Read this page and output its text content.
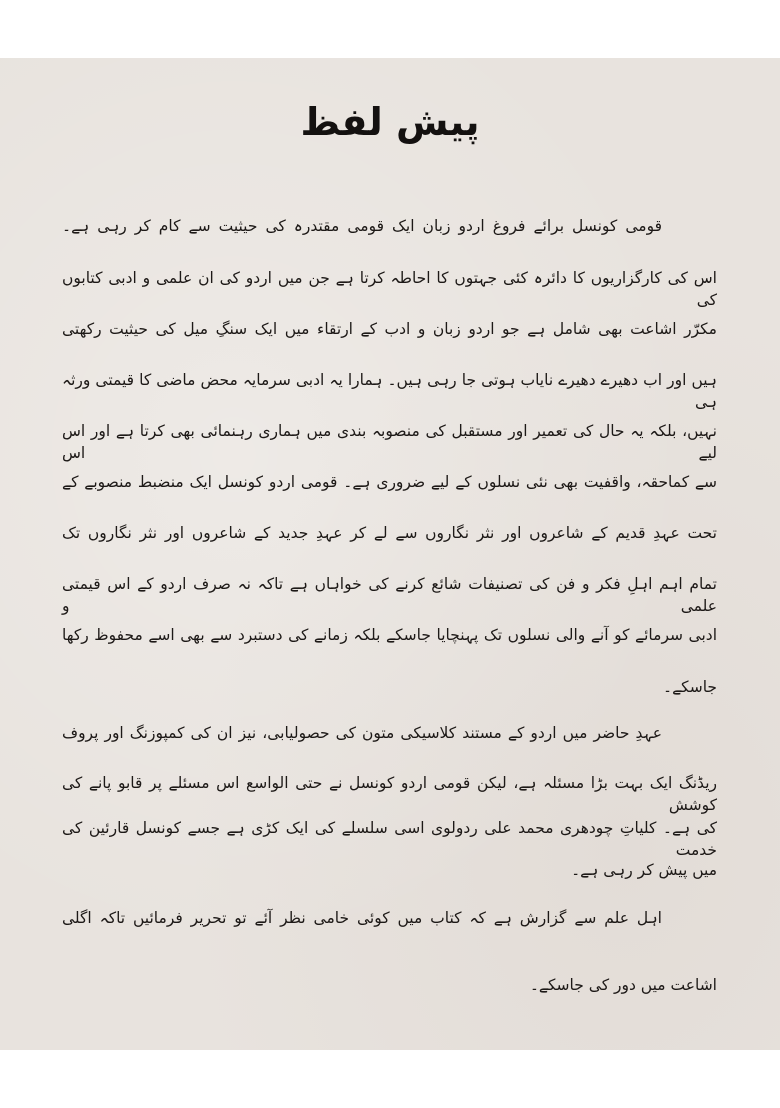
پیش لفظ
قومی کونسل برائے فروغ اردو زبان ایک قومی مقتدرہ کی حیثیت سے کام کر رہی ہے۔
اس کی کارگزاریوں کا دائرہ کئی جہتوں کا احاطہ کرتا ہے جن میں اردو کی ان علمی و ادبی کتابوں کی
مکرّر اشاعت بھی شامل ہے جو اردو زبان و ادب کے ارتقاء میں ایک سنگِ میل کی حیثیت رکھتی
ہیں اور اب دھیرے دھیرے نایاب ہوتی جا رہی ہیں۔ ہمارا یہ ادبی سرمایہ محض ماضی کا قیمتی ورثہ ہی
نہیں، بلکہ یہ حال کی تعمیر اور مستقبل کی منصوبہ بندی میں ہماری رہنمائی بھی کرتا ہے اور اس لیے اس
سے کماحقہ، واقفیت بھی نئی نسلوں کے لیے ضروری ہے۔ قومی اردو کونسل ایک منضبط منصوبے کے
تحت عہدِ قدیم کے شاعروں اور نثر نگاروں سے لے کر عہدِ جدید کے شاعروں اور نثر نگاروں تک
تمام اہم اہلِ فکر و فن کی تصنیفات شائع کرنے کی خواہاں ہے تاکہ نہ صرف اردو کے اس قیمتی علمی و
ادبی سرمائے کو آنے والی نسلوں تک پہنچایا جاسکے بلکہ زمانے کی دستبرد سے بھی اسے محفوظ رکھا
جاسکے۔
عہدِ حاضر میں اردو کے مستند کلاسیکی متون کی حصولیابی، نیز ان کی کمپوزنگ اور پروف
ریڈنگ ایک بہت بڑا مسئلہ ہے، لیکن قومی اردو کونسل نے حتی الواسع اس مسئلے پر قابو پانے کی کوشش
کی ہے۔ کلیاتِ چودھری محمد علی ردولوی اسی سلسلے کی ایک کڑی ہے جسے کونسل قارئین کی خدمت
میں پیش کر رہی ہے۔
اہل علم سے گزارش ہے کہ کتاب میں کوئی خامی نظر آئے تو تحریر فرمائیں تاکہ اگلی
اشاعت میں دور کی جاسکے۔
